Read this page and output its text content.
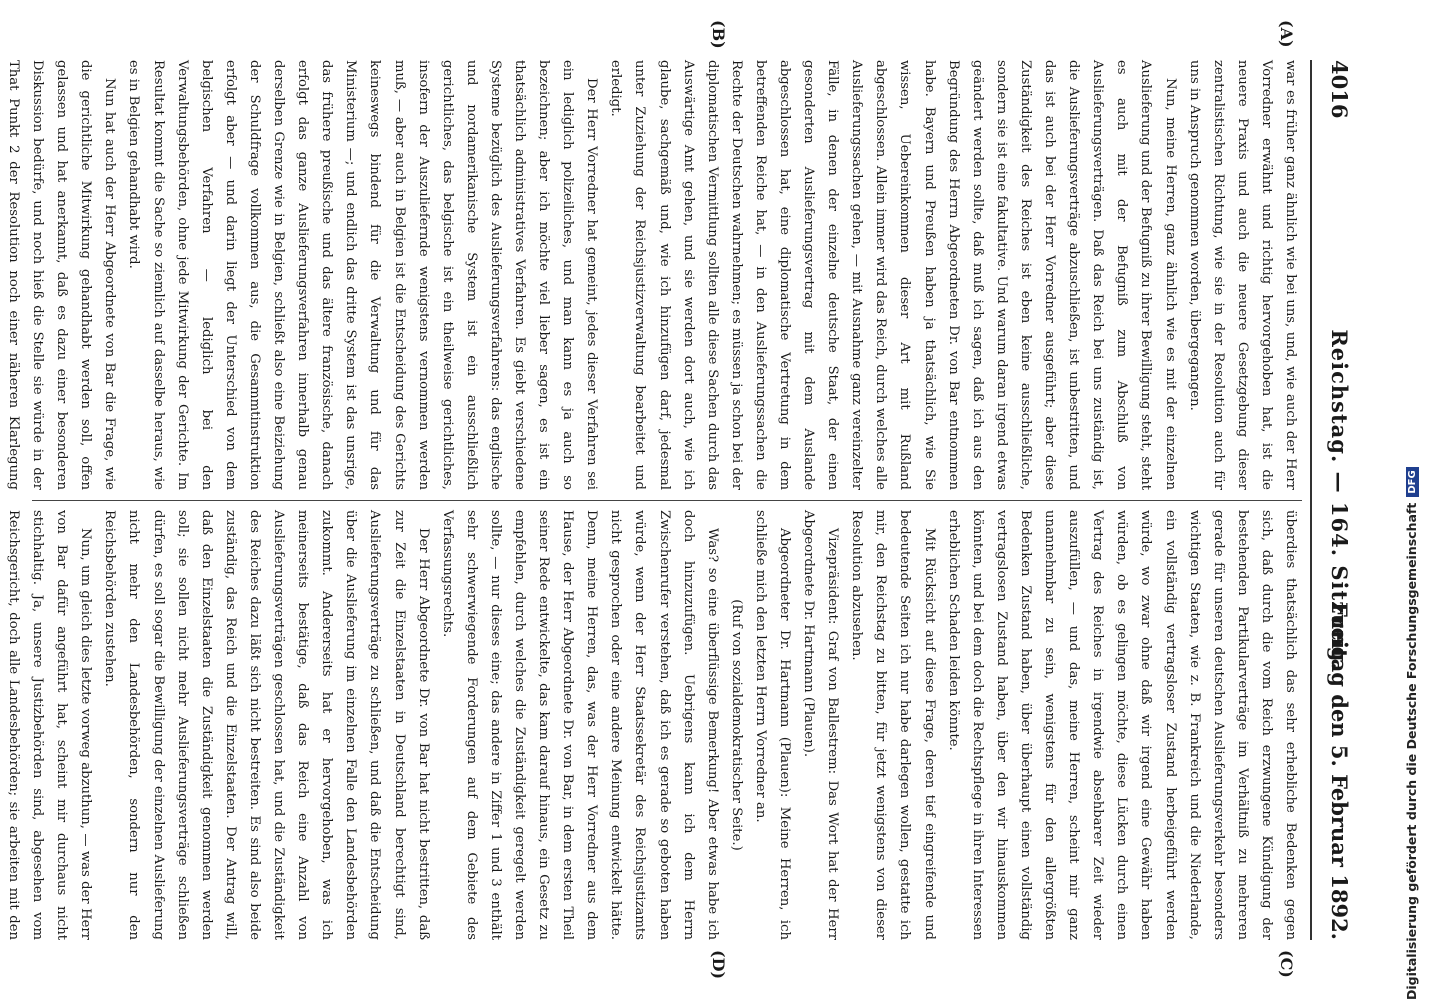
4016
Reichstag. — 164. Sitzung.
Freitag den 5. Februar 1892.
(A)
(B)
(C)
(D)

war es früher ganz ähnlich wie bei uns, und, wie auch der Herr Vorredner erwähnt und richtig hervorgehoben hat, ist die neuere Praxis und auch die neuere Gesetzgebung dieser zentralistischen Richtung, wie sie in der Resolution auch für uns in Anspruch genommen worden, übergegangen.

Nun, meine Herren, ganz ähnlich wie es mit der einzelnen Auslieferung und der Befugniß zu ihrer Bewilligung steht, steht es auch mit der Befugniß zum Abschluß von Auslieferungsverträgen. Daß das Reich bei uns zuständig ist, die Auslieferungsverträge abzuschließen, ist unbestritten, und das ist auch bei der Herr Vorredner ausgeführt; aber diese Zuständigkeit des Reiches ist eben keine ausschließliche, sondern sie ist eine fakultative. Und warum daran irgend etwas geändert werden sollte, daß muß ich sagen, daß ich aus den Begründung des Herrn Abgeordneten Dr. von Bar entnommen habe. Bayern und Preußen haben ja thatsächlich, wie Sie wissen, Uebereinkommen dieser Art mit Rußland abgeschlossen. Allein immer wird das Reich, durch welches alle Auslieferungssachen gehen, — mit Ausnahme ganz vereinzelter Fälle, in denen der einzelne deutsche Staat, der einen gesonderten Auslieferungsvertrag mit dem Auslande abgeschlossen hat, eine diplomatische Vertretung in dem betreffenden Reiche hat, — in den Auslieferungssachen die Rechte der Deutschen wahrnehmen; es müssen ja schon bei der diplomatischen Vermittlung sollten alle diese Sachen durch das Auswärtige Amt gehen, und sie werden dort auch, wie ich glaube, sachgemäß und, wie ich hinzufügen darf, jedesmal unter Zuziehung der Reichsjustizverwaltung bearbeitet und erledigt.

Der Herr Vorredner hat gemeint, jedes dieser Verfahren sei ein lediglich polizeiliches, und man kann es ja auch so bezeichnen; aber ich möchte viel lieber sagen, es ist ein thatsächlich administratives Verfahren. Es giebt verschiedene Systeme bezüglich des Auslieferungsverfahrens: das englische und nordamerikanische System ist ein ausschließlich gerichtliches, das belgische ist ein theilweise gerichtliches, insofern der Auszuliefernde wenigstens vernommen werden muß, — aber auch in Belgien ist die Entscheidung des Gerichts keineswegs bindend für die Verwaltung und für das Ministerium —; und endlich das dritte System ist das unsrige, das frühere preußische und das ältere französische, danach erfolgt das ganze Auslieferungsverfahren innerhalb genau derselben Grenze wie in Belgien, schließt also eine Beiziehung der Schuldfrage vollkommen aus, die Gesammtinstruktion erfolgt aber — und darin liegt der Unterschied von dem belgischen Verfahren — lediglich bei den Verwaltungsbehörden, ohne jede Mitwirkung der Gerichte. Im Resultat kommt die Sache so ziemlich auf dasselbe heraus, wie es in Belgien gehandhabt wird.

Nun hat auch der Herr Abgeordnete von Bar die Frage, wie die gerichtliche Mitwirkung gehandhabt werden soll, offen gelassen und hat anerkannt, daß es dazu einer besonderen Diskussion bedürfe, und noch hieß die Stelle sie würde in der That Punkt 2 der Resolution noch einer näheren Klarlegung

überdies thatsächlich das sehr erhebliche Bedenken gegen sich, daß durch die vom Reich erzwungene Kündigung der bestehenden Partikularverträge im Verhältniß zu mehreren gerade für unseren deutschen Auslieferungsverkehr besonders wichtigen Staaten, wie z. B. Frankreich und die Niederlande, ein vollständig vertragsloser Zustand herbeigeführt werden würde, wo zwar ohne daß wir irgend eine Gewähr haben würden, ob es gelingen möchte, diese Lücken durch einen Vertrag des Reiches in irgendwie absehbarer Zeit wieder auszufüllen, — und das, meine Herren, scheint mir ganz unannehmbar zu sein, wenigstens für den allergrößten Bedenken Zustand haben, über überhaupt einen vollständig vertragslosen Zustand haben, über den wir hinauskommen könnten, und bei dem doch die Rechtspflege in ihren Interessen erheblichen Schaden leiden könnte.

Mit Rücksicht auf diese Frage, deren tief eingreifende und bedeutende Seiten ich nur habe darlegen wollen, gestatte ich mir, den Reichstag zu bitten, für jetzt wenigstens von dieser Resolution abzusehen.

Vizepräsident: Graf von Ballestrem: Das Wort hat der Herr Abgeordnete Dr. Hartmann (Plauen).

Abgeordneter Dr. Hartmann (Plauen): Meine Herren, ich schließe mich den letzten Herrn Vorredner an.

(Ruf von sozialdemokratischer Seite.)

Was? so eine überflüssige Bemerkung! Aber etwas habe ich doch hinzuzufügen. Uebrigens kann ich dem Herrn Zwischenrufer verstehen, daß ich es gerade so geboten haben würde, wenn der Herr Staatssekretär des Reichsjustizamts nicht gesprochen oder eine andere Meinung entwickelt hätte. Denn, meine Herren, das, was der Herr Vorredner aus dem Hause, der Herr Abgeordnete Dr. von Bar, in dem ersten Theil seiner Rede entwickelte, das kam darauf hinaus, ein Gesetz zu empfehlen, durch welches die Zuständigkeit geregelt werden sollte, — nur dieses eine; das andere in Ziffer 1 und 3 enthält sehr schwerwiegende Forderungen auf dem Gebiete des Verfassungsrechts.

Der Herr Abgeordnete Dr. von Bar hat nicht bestritten, daß zur Zeit die Einzelstaaten in Deutschland berechtigt sind, Auslieferungsverträge zu schließen, und daß die Entscheidung über die Auslieferung im einzelnen Falle den Landesbehörden zukommt. Andererseits hat er hervorgehoben, was ich meinerseits bestätige, daß das Reich eine Anzahl von Auslieferungsverträgen geschlossen hat, und die Zuständigkeit des Reiches dazu läßt sich nicht bestreiten. Es sind also beide zuständig, das Reich und die Einzelstaaten. Der Antrag will, daß den Einzelstaaten die Zuständigkeit genommen werden soll; sie sollen nicht mehr Auslieferungsverträge schließen dürfen, es soll sogar die Bewilligung der einzelnen Auslieferung nicht mehr den Landesbehörden, sondern nur den Reichsbehörden zustehen.

Nun, um gleich dies letzte vorweg abzuthun, — was der Herr von Bar dafür angeführt hat, scheint mir durchaus nicht stichhaltig. Ja, unsere Justizbehörden sind, abgesehen vom Reichsgericht, doch alle Landesbehörden; sie arbeiten mit den	Digitalisierung gefördert durch die Deutsche ForschungsgemeinschaftDFG
